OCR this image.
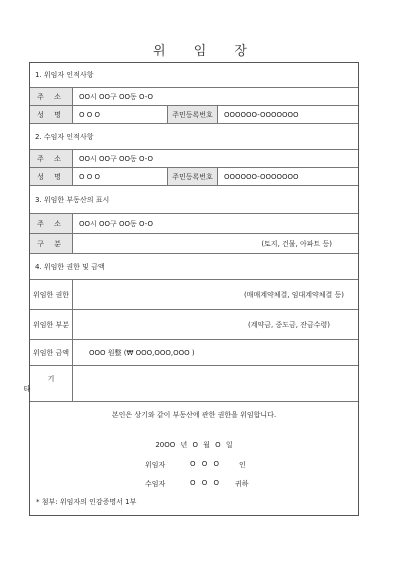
위 임 장
1. 위임자 인적사항
주 소	OO시 OO구 OO동 O-O
성 명	O O O	주민등록번호	OOOOOO-OOOOOOO
2. 수임자 인적사항
주 소	OO시 OO구 OO동 O-O
성 명	O O O	주민등록번호	OOOOOO-OOOOOOO
3. 위임한 부동산의 표시
주 소	OO시 OO구 OO동 O-O
구 분	(토지, 건물, 아파트 등)
4. 위임한 권한 및 금액
위임한 권한	(매매계약체결, 임대계약체결 등)
위임한 부분	(계약금, 중도금, 잔금수령)
위임한 금액	OOO 원整 (₩ OOO,OOO,OOO )
기 타
본인은 상기와 같이 부동산에 관한 권한을 위임합니다.
20OO 년 O 월 O 일
위임자	O O O	인
수임자	O O O 귀하
* 첨부: 위임자의 인감증명서 1부
